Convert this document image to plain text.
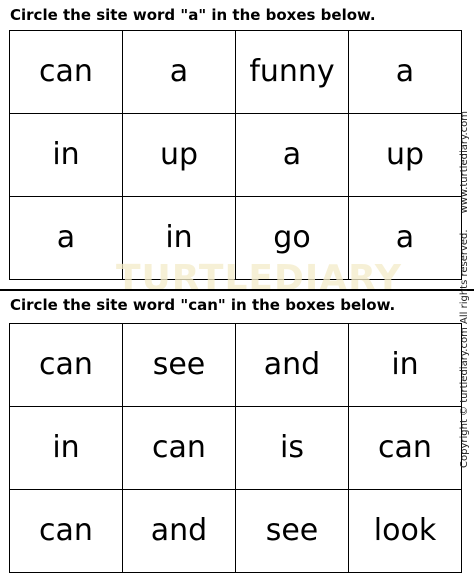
Circle the site word "a" in the boxes below.
can	a	funny	a
in	up	a	up
a	in	go	a
TURTLEDIARY
Circle the site word "can" in the boxes below.
can	see	and	in
in	can	is	can
can	and	see	look
Copyright © turtlediary.com All rights reserved.www.turtlediary.com
